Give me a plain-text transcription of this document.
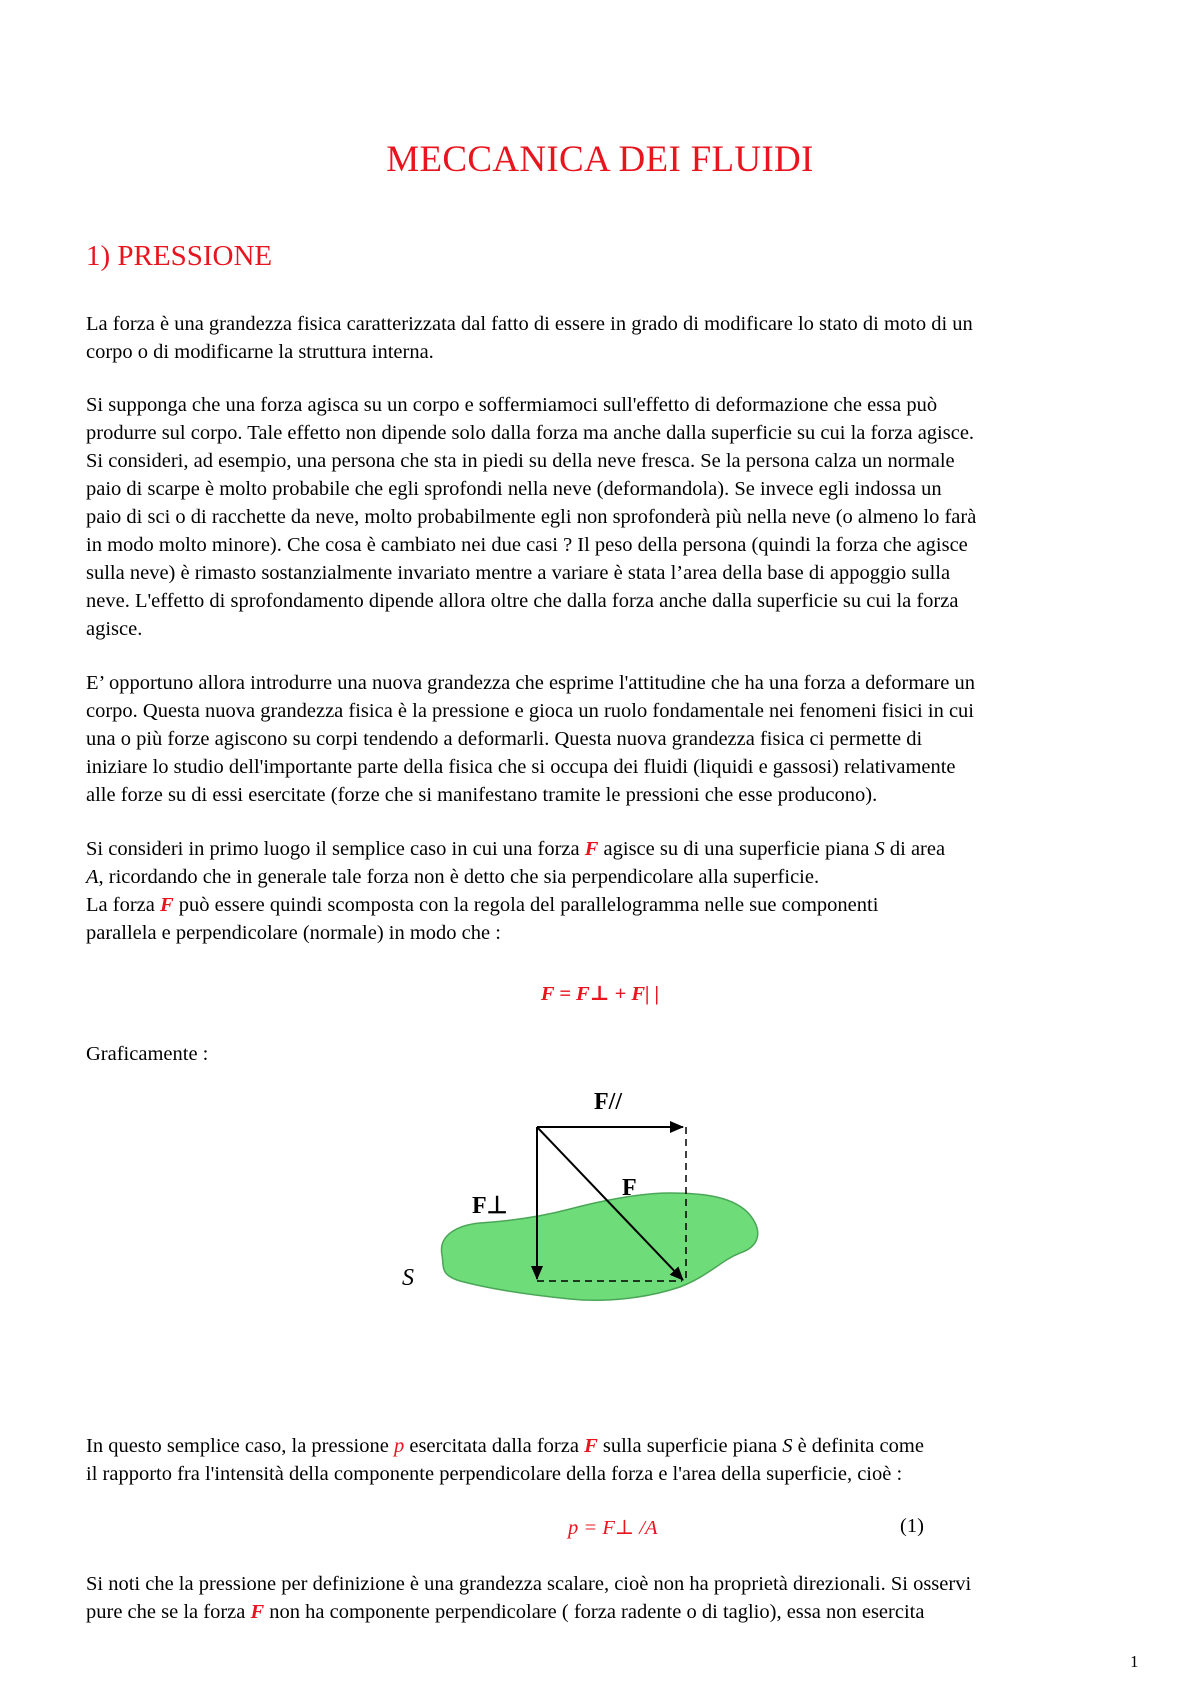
MECCANICA DEI FLUIDI
1) PRESSIONE

La forza è una grandezza fisica caratterizzata dal fatto di essere in grado di modificare lo stato di moto di un
corpo o di modificarne la struttura interna.

Si supponga che una forza agisca su un corpo e soffermiamoci sull'effetto di deformazione che essa può
produrre sul corpo. Tale effetto non dipende solo dalla forza ma anche dalla superficie su cui la forza agisce.
Si consideri, ad esempio, una persona che sta in piedi su della neve fresca. Se la persona calza un normale
paio di scarpe è molto probabile che egli sprofondi nella neve (deformandola). Se invece egli indossa un
paio di sci o di racchette da neve, molto probabilmente egli non sprofonderà più nella neve (o almeno lo farà
in modo molto minore). Che cosa è cambiato nei due casi ? Il peso della persona (quindi la forza che agisce
sulla neve) è rimasto sostanzialmente invariato mentre a variare è stata l’area della base di appoggio sulla
neve. L'effetto di sprofondamento dipende allora oltre che dalla forza anche dalla superficie su cui la forza
agisce.

E’ opportuno allora introdurre una nuova grandezza che esprime l'attitudine che ha una forza a deformare un
corpo. Questa nuova grandezza fisica è la pressione e gioca un ruolo fondamentale nei fenomeni fisici in cui
una o più forze agiscono su corpi tendendo a deformarli. Questa nuova grandezza fisica ci permette di
iniziare lo studio dell'importante parte della fisica che si occupa dei fluidi (liquidi e gassosi) relativamente
alle forze su di essi esercitate (forze che si manifestano tramite le pressioni che esse producono).

Si consideri in primo luogo il semplice caso in cui una forza F agisce su di una superficie piana S di area
A, ricordando che in generale tale forza non è detto che sia perpendicolare alla superficie.
La forza F può essere quindi scomposta con la regola del parallelogramma nelle sue componenti
parallela e perpendicolare (normale) in modo che :

F = F⊥ + F| |

Graficamente :

F//
F⊥
F
S

In questo semplice caso, la pressione p esercitata dalla forza F sulla superficie piana S è definita come
il rapporto fra l'intensità della componente perpendicolare della forza e l'area della superficie, cioè :

p = F⊥ /A	(1)

Si noti che la pressione per definizione è una grandezza scalare, cioè non ha proprietà direzionali. Si osservi
pure che se la forza F non ha componente perpendicolare ( forza radente o di taglio), essa non esercita

1
